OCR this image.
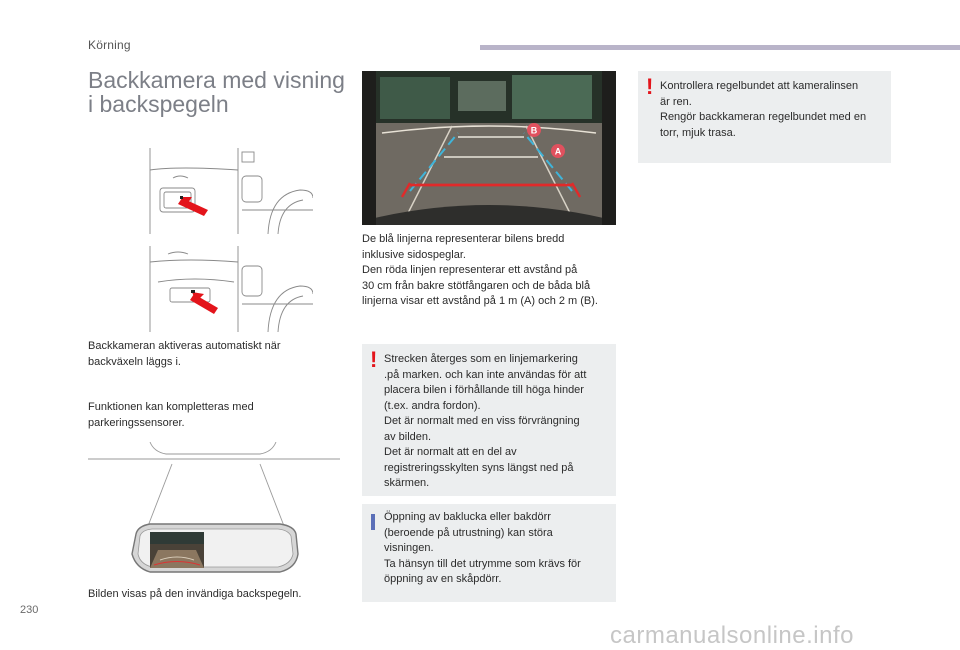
Körning
Backkamera med visning
i backspegeln
Backkameran aktiveras automatiskt när
backväxeln läggs i.
Funktionen kan kompletteras med
parkeringssensorer.
Bilden visas på den invändiga backspegeln.
B
A
De blå linjerna representerar bilens bredd
inklusive sidospeglar.
Den röda linjen representerar ett avstånd på
30 cm från bakre stötfångaren och de båda blå
linjerna visar ett avstånd på 1 m (A) och 2 m (B).
! Strecken återges som en linjemarkering
.på marken. och kan inte användas för att
placera bilen i förhållande till höga hinder
(t.ex. andra fordon).
Det är normalt med en viss förvrängning
av bilden.
Det är normalt att en del av
registreringsskylten syns längst ned på
skärmen.
Öppning av baklucka eller bakdörr
(beroende på utrustning) kan störa
visningen.
Ta hänsyn till det utrymme som krävs för
öppning av en skåpdörr.
! Kontrollera regelbundet att kameralinsen
är ren.
Rengör backkameran regelbundet med en
torr, mjuk trasa.
230
carmanualsonline.info
